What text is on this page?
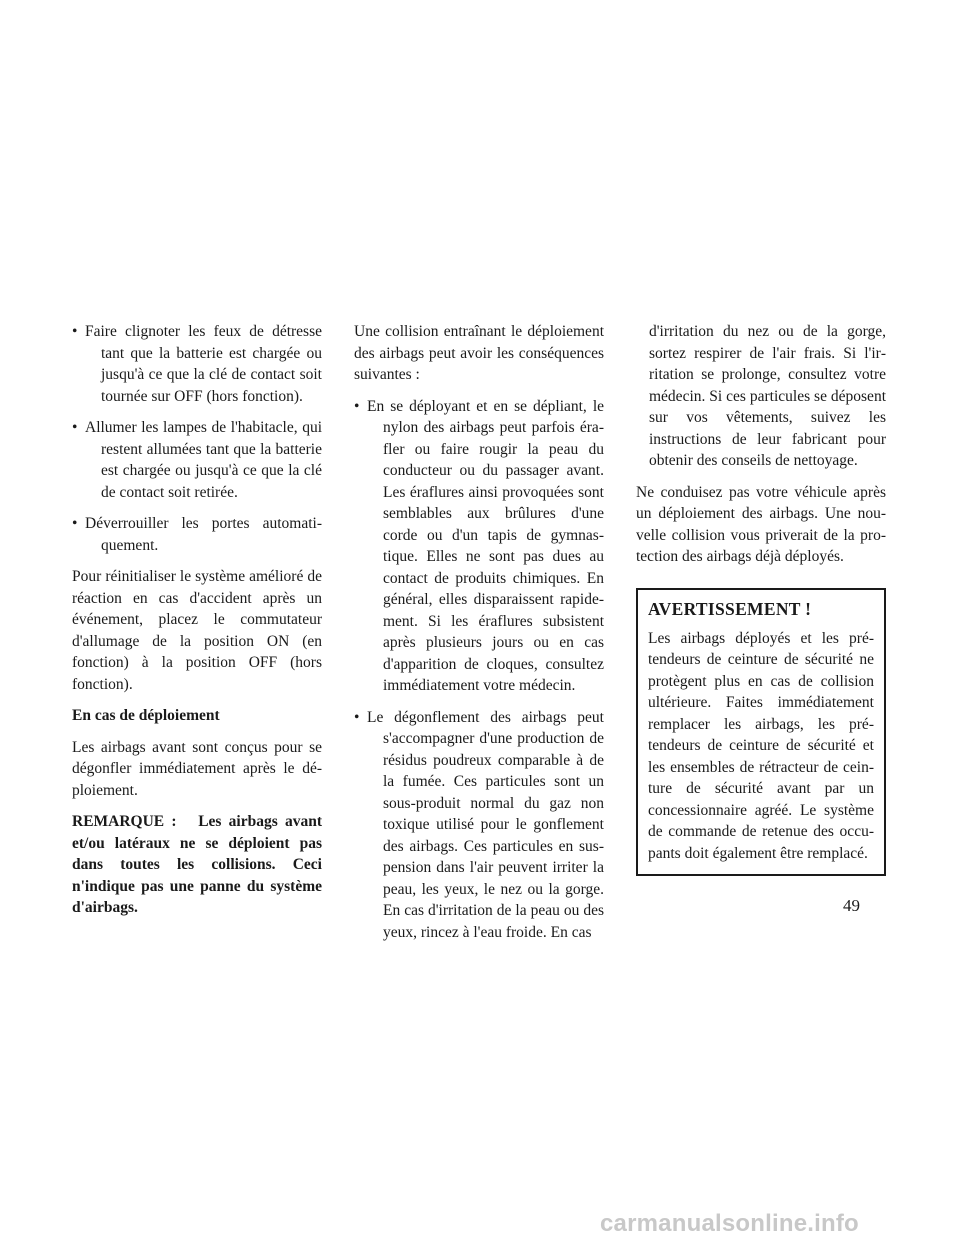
• Faire clignoter les feux de détresse tant que la batterie est chargée ou jusqu'à ce que la clé de contact soit tournée sur OFF (hors fonction).
• Allumer les lampes de l'habitacle, qui restent allumées tant que la batterie est chargée ou jusqu'à ce que la clé de contact soit retirée.
• Déverrouiller les portes automatiquement.

Pour réinitialiser le système amélioré de réaction en cas d'accident après un événement, placez le commutateur d'allumage de la position ON (en fonction) à la position OFF (hors fonction).

En cas de déploiement

Les airbags avant sont conçus pour se dégonfler immédiatement après le déploiement.

REMARQUE : Les airbags avant et/ou latéraux ne se déploient pas dans toutes les collisions. Ceci n'indique pas une panne du système d'airbags.

Une collision entraînant le déploiement des airbags peut avoir les conséquences suivantes :

• En se déployant et en se dépliant, le nylon des airbags peut parfois érafler ou faire rougir la peau du conducteur ou du passager avant. Les éraflures ainsi provoquées sont semblables aux brûlures d'une corde ou d'un tapis de gymnastique. Elles ne sont pas dues au contact de produits chimiques. En général, elles disparaissent rapidement. Si les éraflures subsistent après plusieurs jours ou en cas d'apparition de cloques, consultez immédiatement votre médecin.
• Le dégonflement des airbags peut s'accompagner d'une production de résidus poudreux comparable à de la fumée. Ces particules sont un sous-produit normal du gaz non toxique utilisé pour le gonflement des airbags. Ces particules en suspension dans l'air peuvent irriter la peau, les yeux, le nez ou la gorge. En cas d'irritation de la peau ou des yeux, rincez à l'eau froide. En cas

d'irritation du nez ou de la gorge, sortez respirer de l'air frais. Si l'irritation se prolonge, consultez votre médecin. Si ces particules se déposent sur vos vêtements, suivez les instructions de leur fabricant pour obtenir des conseils de nettoyage.

Ne conduisez pas votre véhicule après un déploiement des airbags. Une nouvelle collision vous priverait de la protection des airbags déjà déployés.

AVERTISSEMENT !

Les airbags déployés et les prétendeurs de ceinture de sécurité ne protègent plus en cas de collision ultérieure. Faites immédiatement remplacer les airbags, les prétendeurs de ceinture de sécurité et les ensembles de rétracteur de ceinture de sécurité avant par un concessionnaire agréé. Le système de commande de retenue des occupants doit également être remplacé.

49
carmanualsonline.info
